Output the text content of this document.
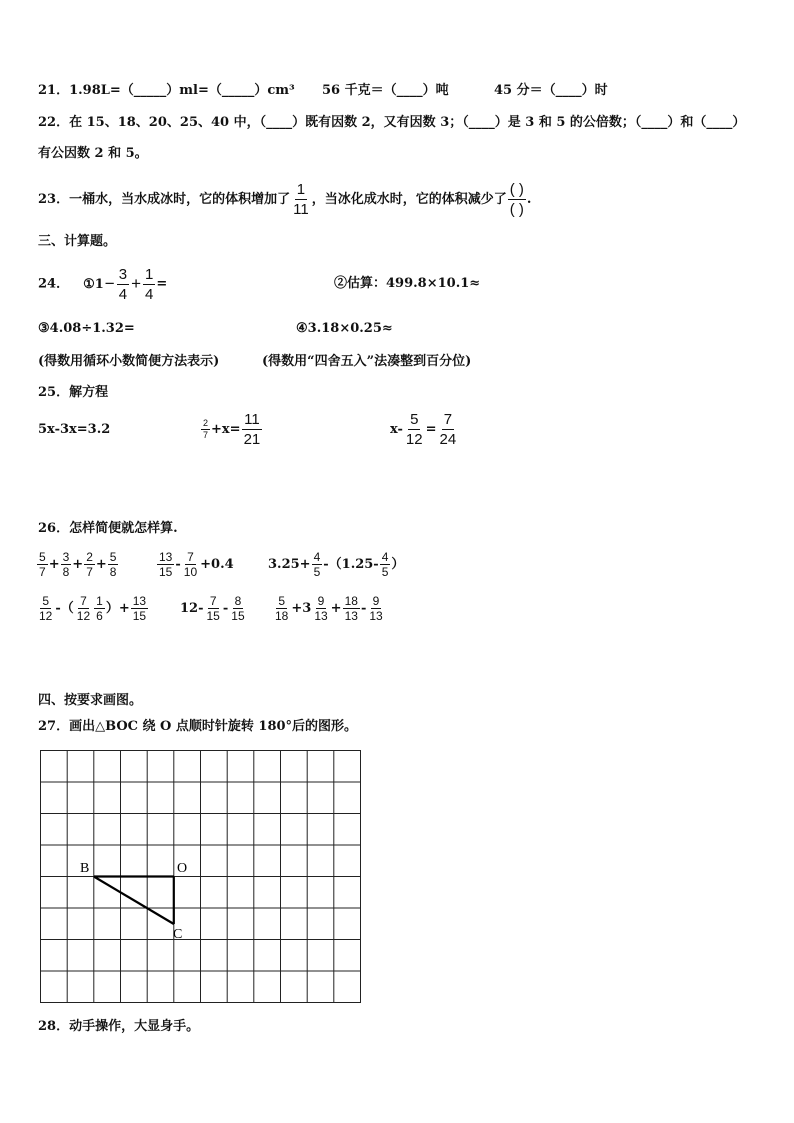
21．1.98L=（_____）ml=（_____）cm³ 56 千克＝（____）吨	45 分＝（____）时
22．在 15、18、20、25、40 中，（____）既有因数 2，又有因数 3；（____）是 3 和 5 的公倍数；（____）和（____）
有公因数 2 和 5。
23．一桶水，当水成冰时，它的体积增加了 $\frac{1}{11}$ ，当冰化成水时，它的体积减少了 $\frac{( )}{( )}$ .
三、计算题。
24． ①1− $\frac{3}{4} + \frac{1}{4}$ =	②估算：499.8×10.1≈
③4.08÷1.32=	④3.18×0.25≈
(得数用循环小数简便方法表示)	(得数用“四舍五入”法凑整到百分位)
25．解方程
5x-3x=3.2	$\frac{2}{7} +x= \frac{11}{21}$	$x- \frac{5}{12} = \frac{7}{24}$
26．怎样简便就怎样算.
$\frac{5}{7} + \frac{3}{8} + \frac{2}{7} + \frac{5}{8}$	$\frac{13}{15} - \frac{7}{10} +0.4$	$3.25+ \frac{4}{5} -(1.25- \frac{4}{5}$ ）
$\frac{5}{12}$ -（ $\frac{7}{12} \frac{1}{6}$ ）+ $\frac{13}{15} 12- \frac{7}{15} - \frac{8}{15} \frac{5}{18} +3 \frac{9}{13} + \frac{18}{13} - \frac{9}{13}$
四、按要求画图。
27．画出△BOC 绕 O 点顺时针旋转 180°后的图形。
B	O
C
28．动手操作，大显身手。
